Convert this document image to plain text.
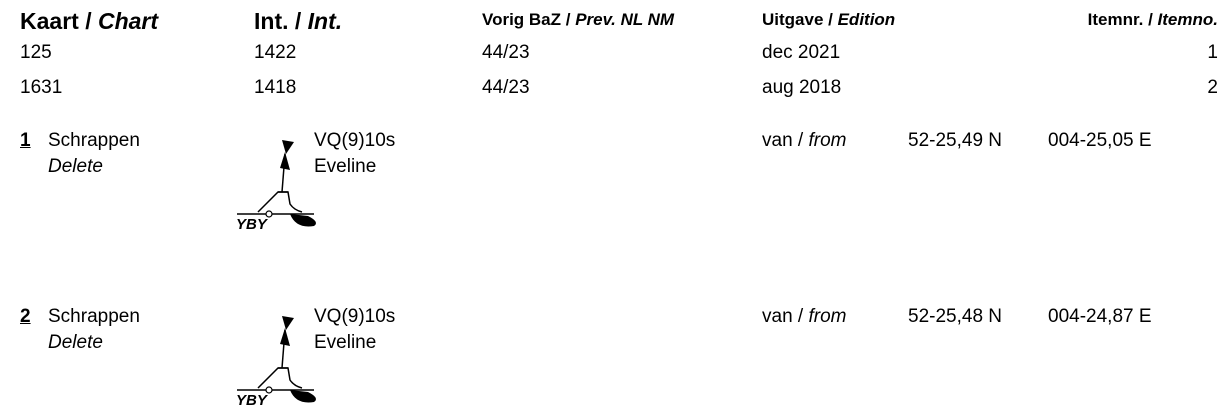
Kaart / Chart	Int. / Int.	Vorig BaZ / Prev. NL NM	Uitgave / Edition	Itemnr. / Itemno.
125	1422	44/23	dec 2021	1
1631	1418	44/23	aug 2018	2
1 Schrappen
Delete
YBY
VQ(9)10s
Eveline
van / from	52-25,49 N 004-25,05 E
2 Schrappen
Delete
YBY
VQ(9)10s
Eveline
van / from	52-25,48 N 004-24,87 E
